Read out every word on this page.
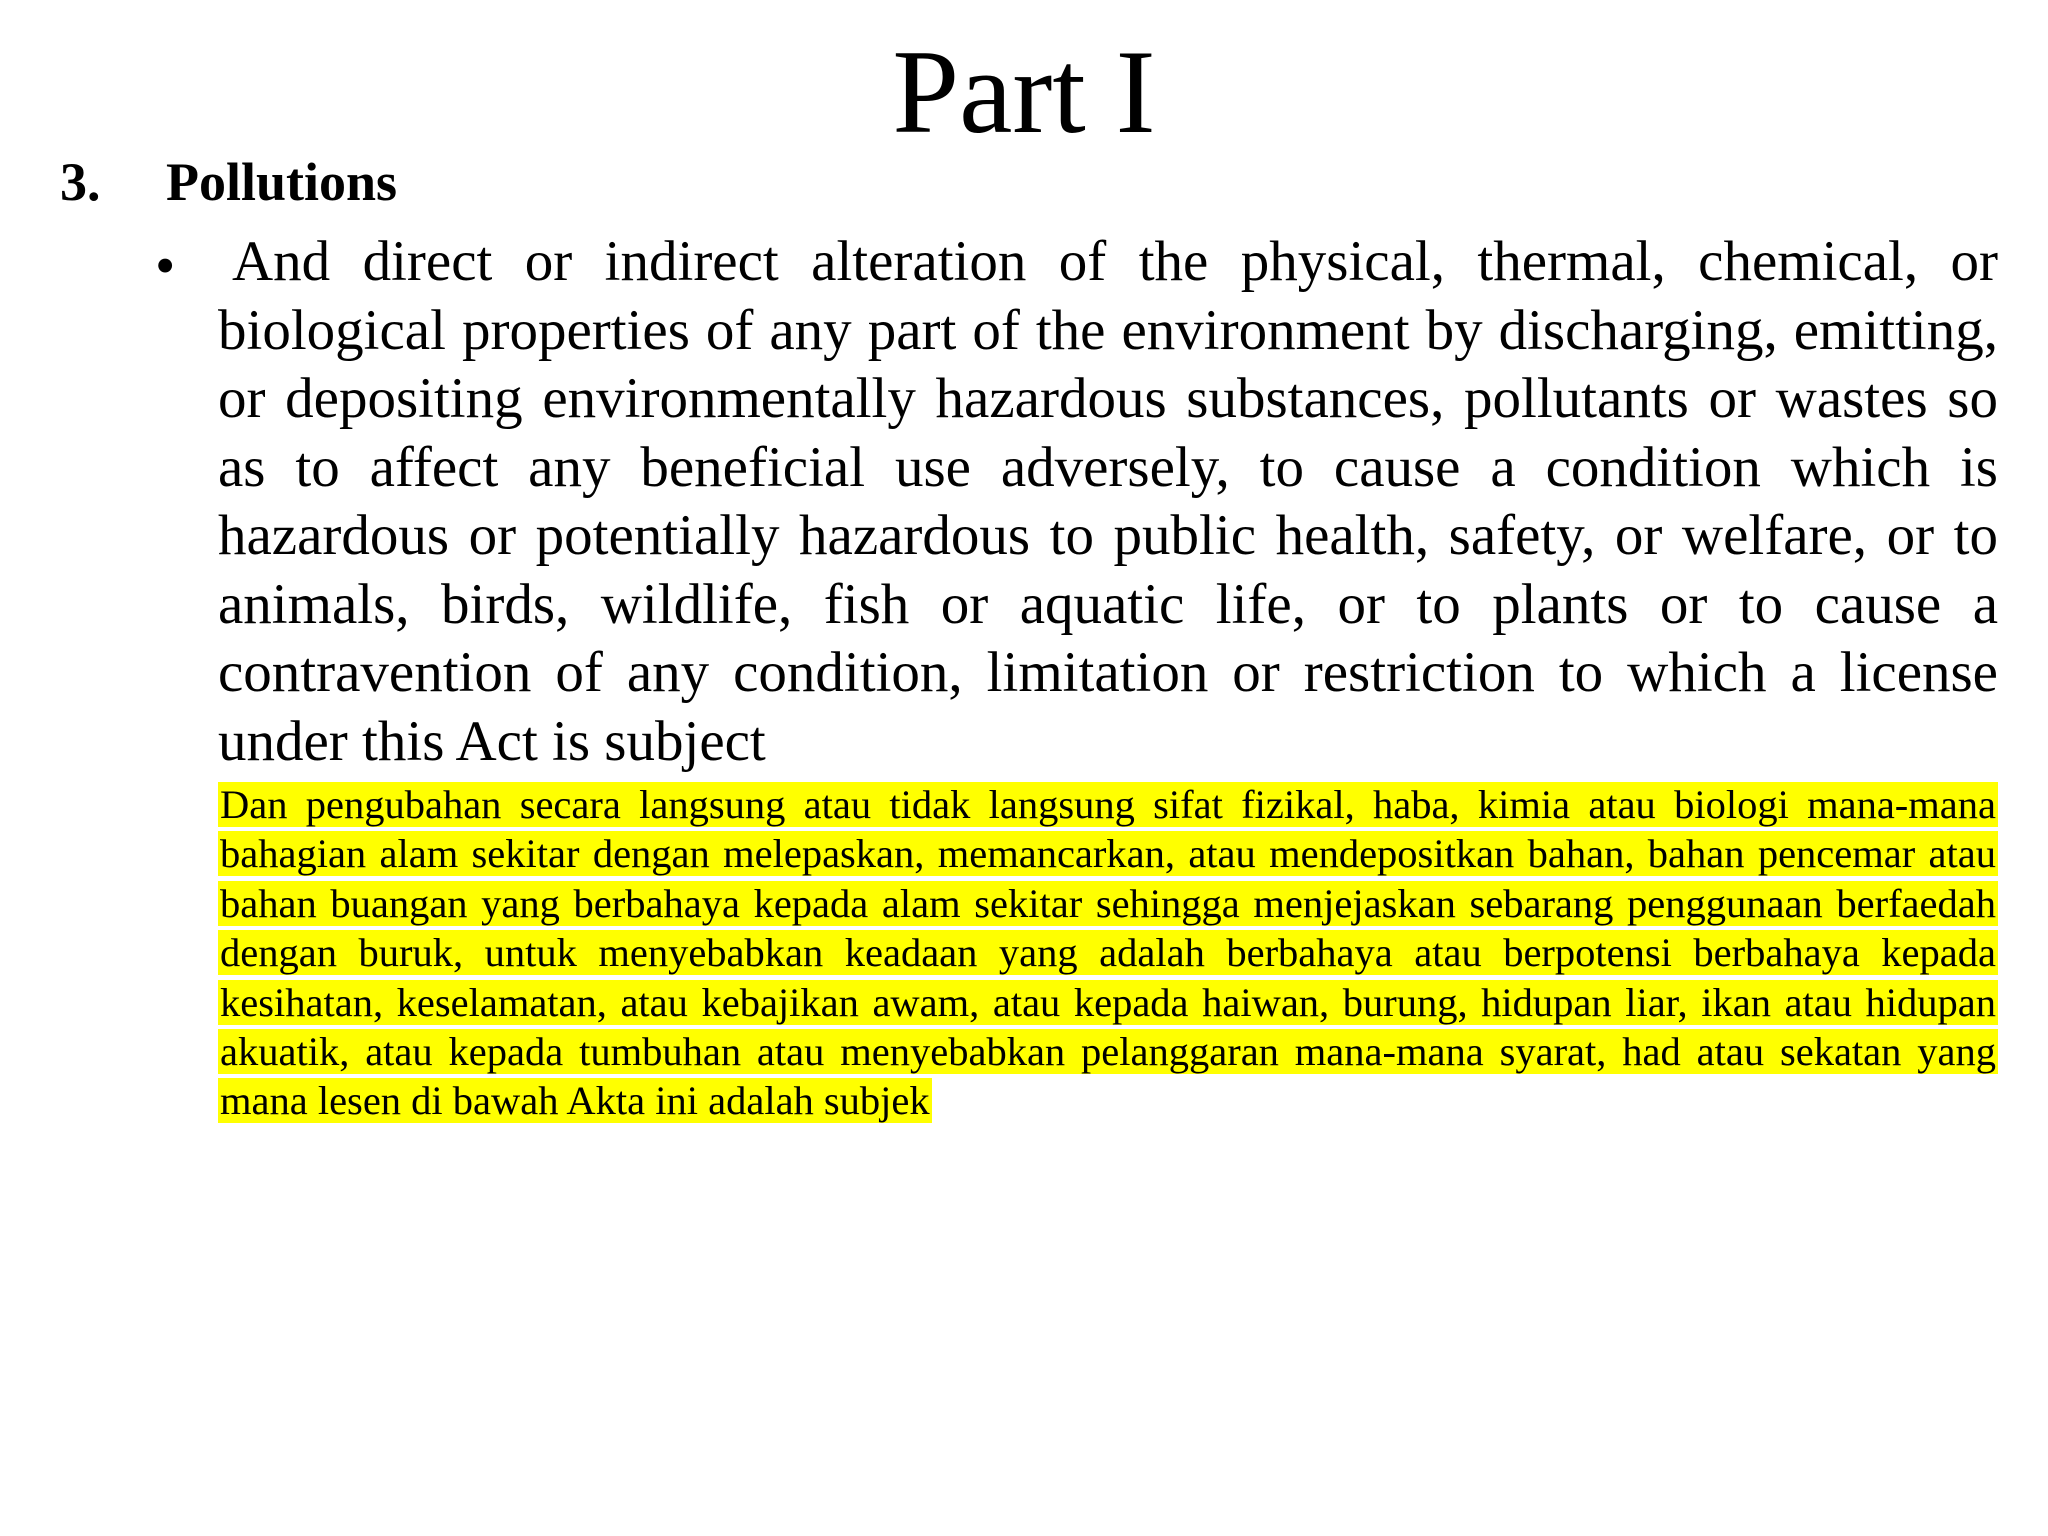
Part I
3. Pollutions
• And direct or indirect alteration of the physical, thermal, chemical, or biological properties of any part of the environment by discharging, emitting, or depositing environmentally hazardous substances, pollutants or wastes so as to affect any beneficial use adversely, to cause a condition which is hazardous or potentially hazardous to public health, safety, or welfare, or to animals, birds, wildlife, fish or aquatic life, or to plants or to cause a contravention of any condition, limitation or restriction to which a license under this Act is subject

Dan pengubahan secara langsung atau tidak langsung sifat fizikal, haba, kimia atau biologi mana-mana bahagian alam sekitar dengan melepaskan, memancarkan, atau mendepositkan bahan, bahan pencemar atau bahan buangan yang berbahaya kepada alam sekitar sehingga menjejaskan sebarang penggunaan berfaedah dengan buruk, untuk menyebabkan keadaan yang adalah berbahaya atau berpotensi berbahaya kepada kesihatan, keselamatan, atau kebajikan awam, atau kepada haiwan, burung, hidupan liar, ikan atau hidupan akuatik, atau kepada tumbuhan atau menyebabkan pelanggaran mana-mana syarat, had atau sekatan yang mana lesen di bawah Akta ini adalah subjek
